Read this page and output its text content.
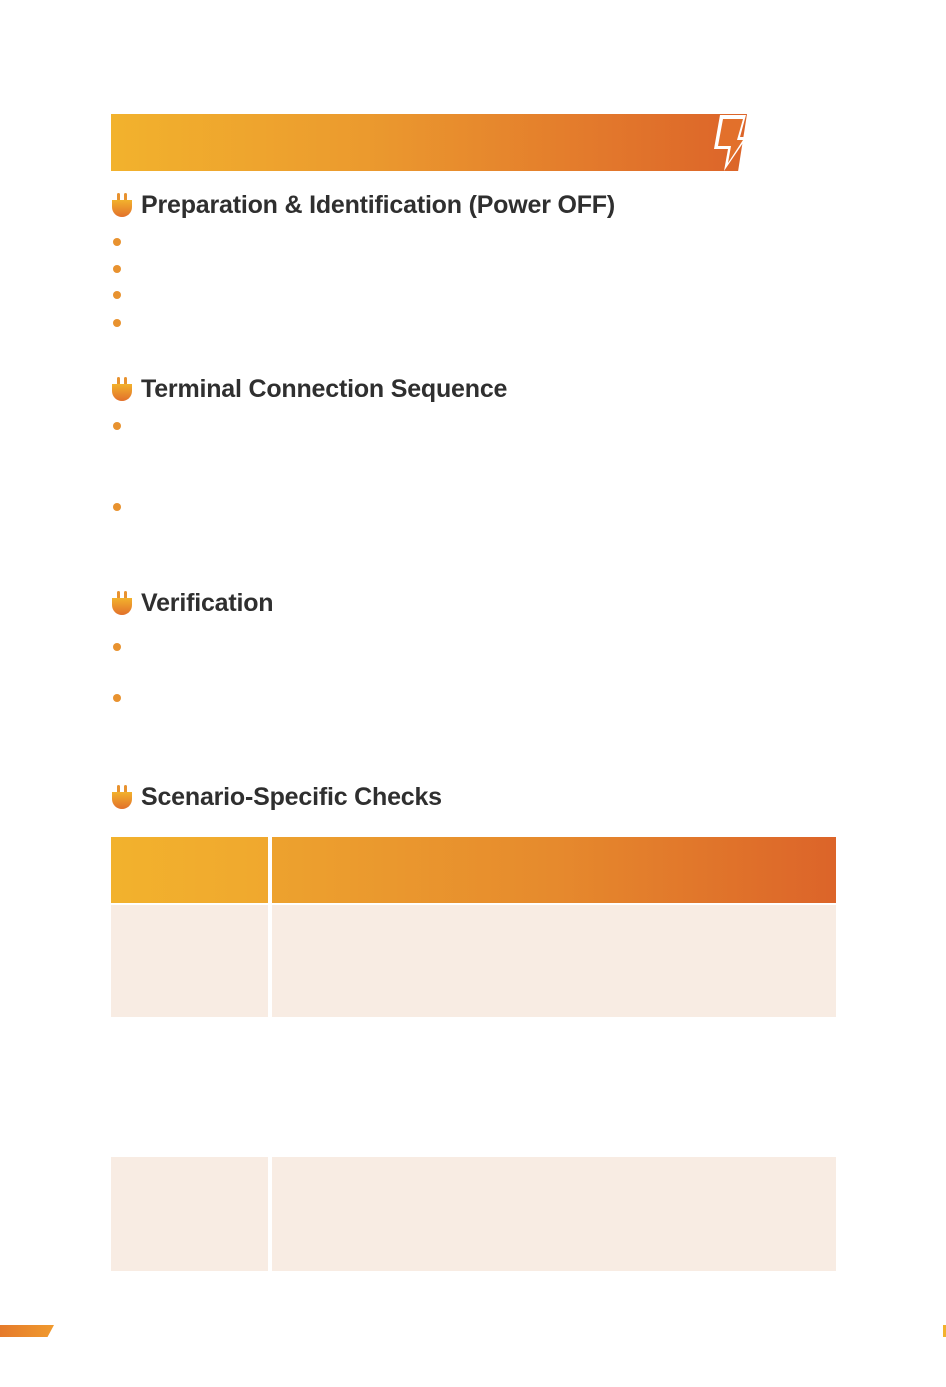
Preparation & Identification (Power OFF)
Terminal Connection Sequence
Verification
Scenario-Specific Checks
